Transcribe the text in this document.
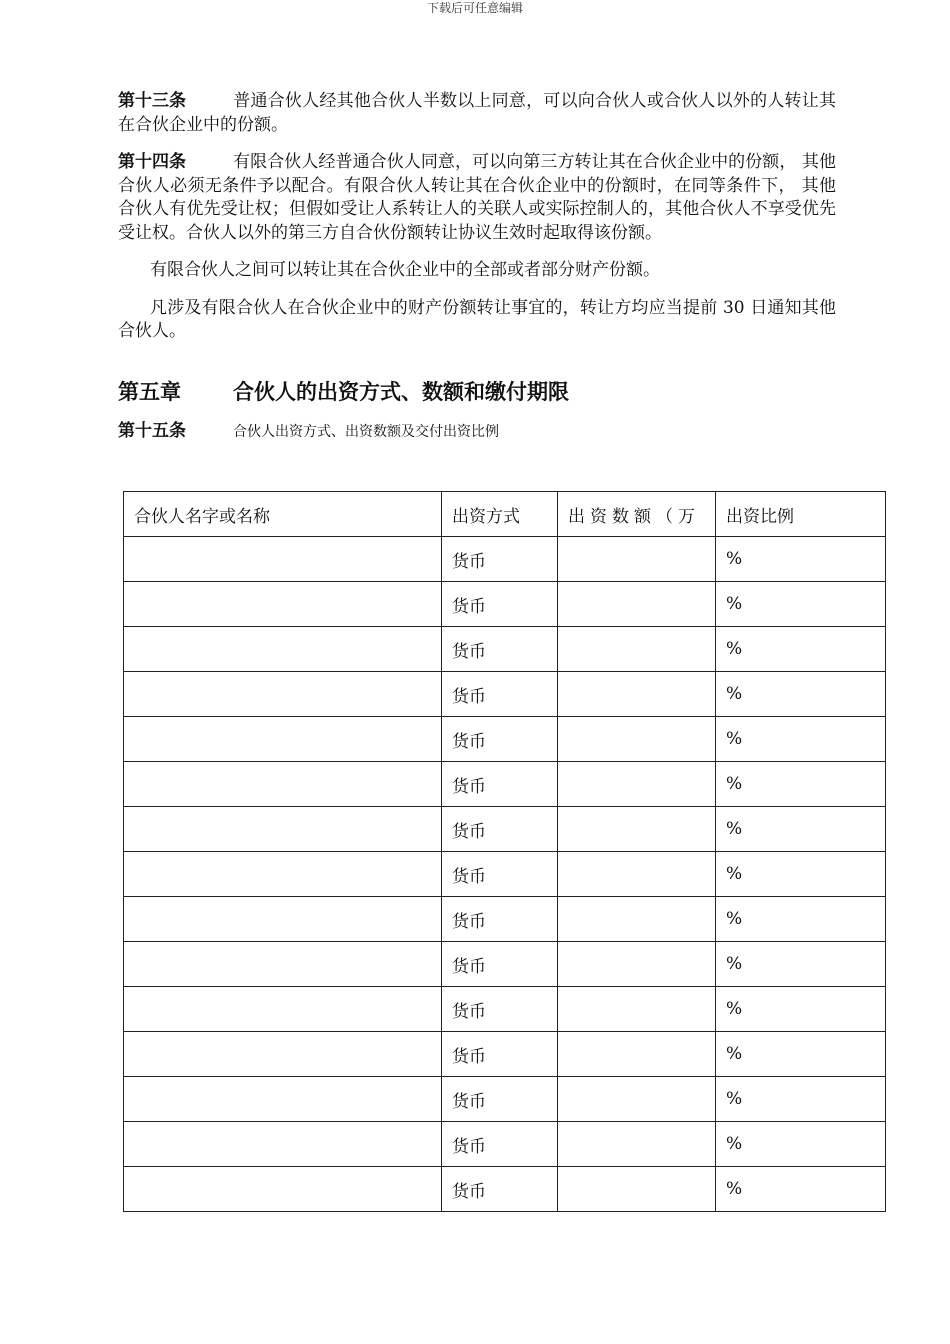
下载后可任意编辑

第十三条	普通合伙人经其他合伙人半数以上同意，可以向合伙人或合伙人以外的人转让其在合伙企业中的份额。

第十四条	有限合伙人经普通合伙人同意，可以向第三方转让其在合伙企业中的份额， 其他合伙人必须无条件予以配合。有限合伙人转让其在合伙企业中的份额时，在同等条件下， 其他合伙人有优先受让权；但假如受让人系转让人的关联人或实际控制人的，其他合伙人不享受优先受让权。合伙人以外的第三方自合伙份额转让协议生效时起取得该份额。

有限合伙人之间可以转让其在合伙企业中的全部或者部分财产份额。

凡涉及有限合伙人在合伙企业中的财产份额转让事宜的，转让方均应当提前 30 日通知其他合伙人。

第五章 合伙人的出资方式、数额和缴付期限
第十五条	合伙人出资方式、出资数额及交付出资比例
合伙人名字或名称	出资方式	出资数额（万	出资比例
	货币		%
	货币		%
	货币		%
	货币		%
	货币		%
	货币		%
	货币		%
	货币		%
	货币		%
	货币		%
	货币		%
	货币		%
	货币		%
	货币		%
	货币		%
